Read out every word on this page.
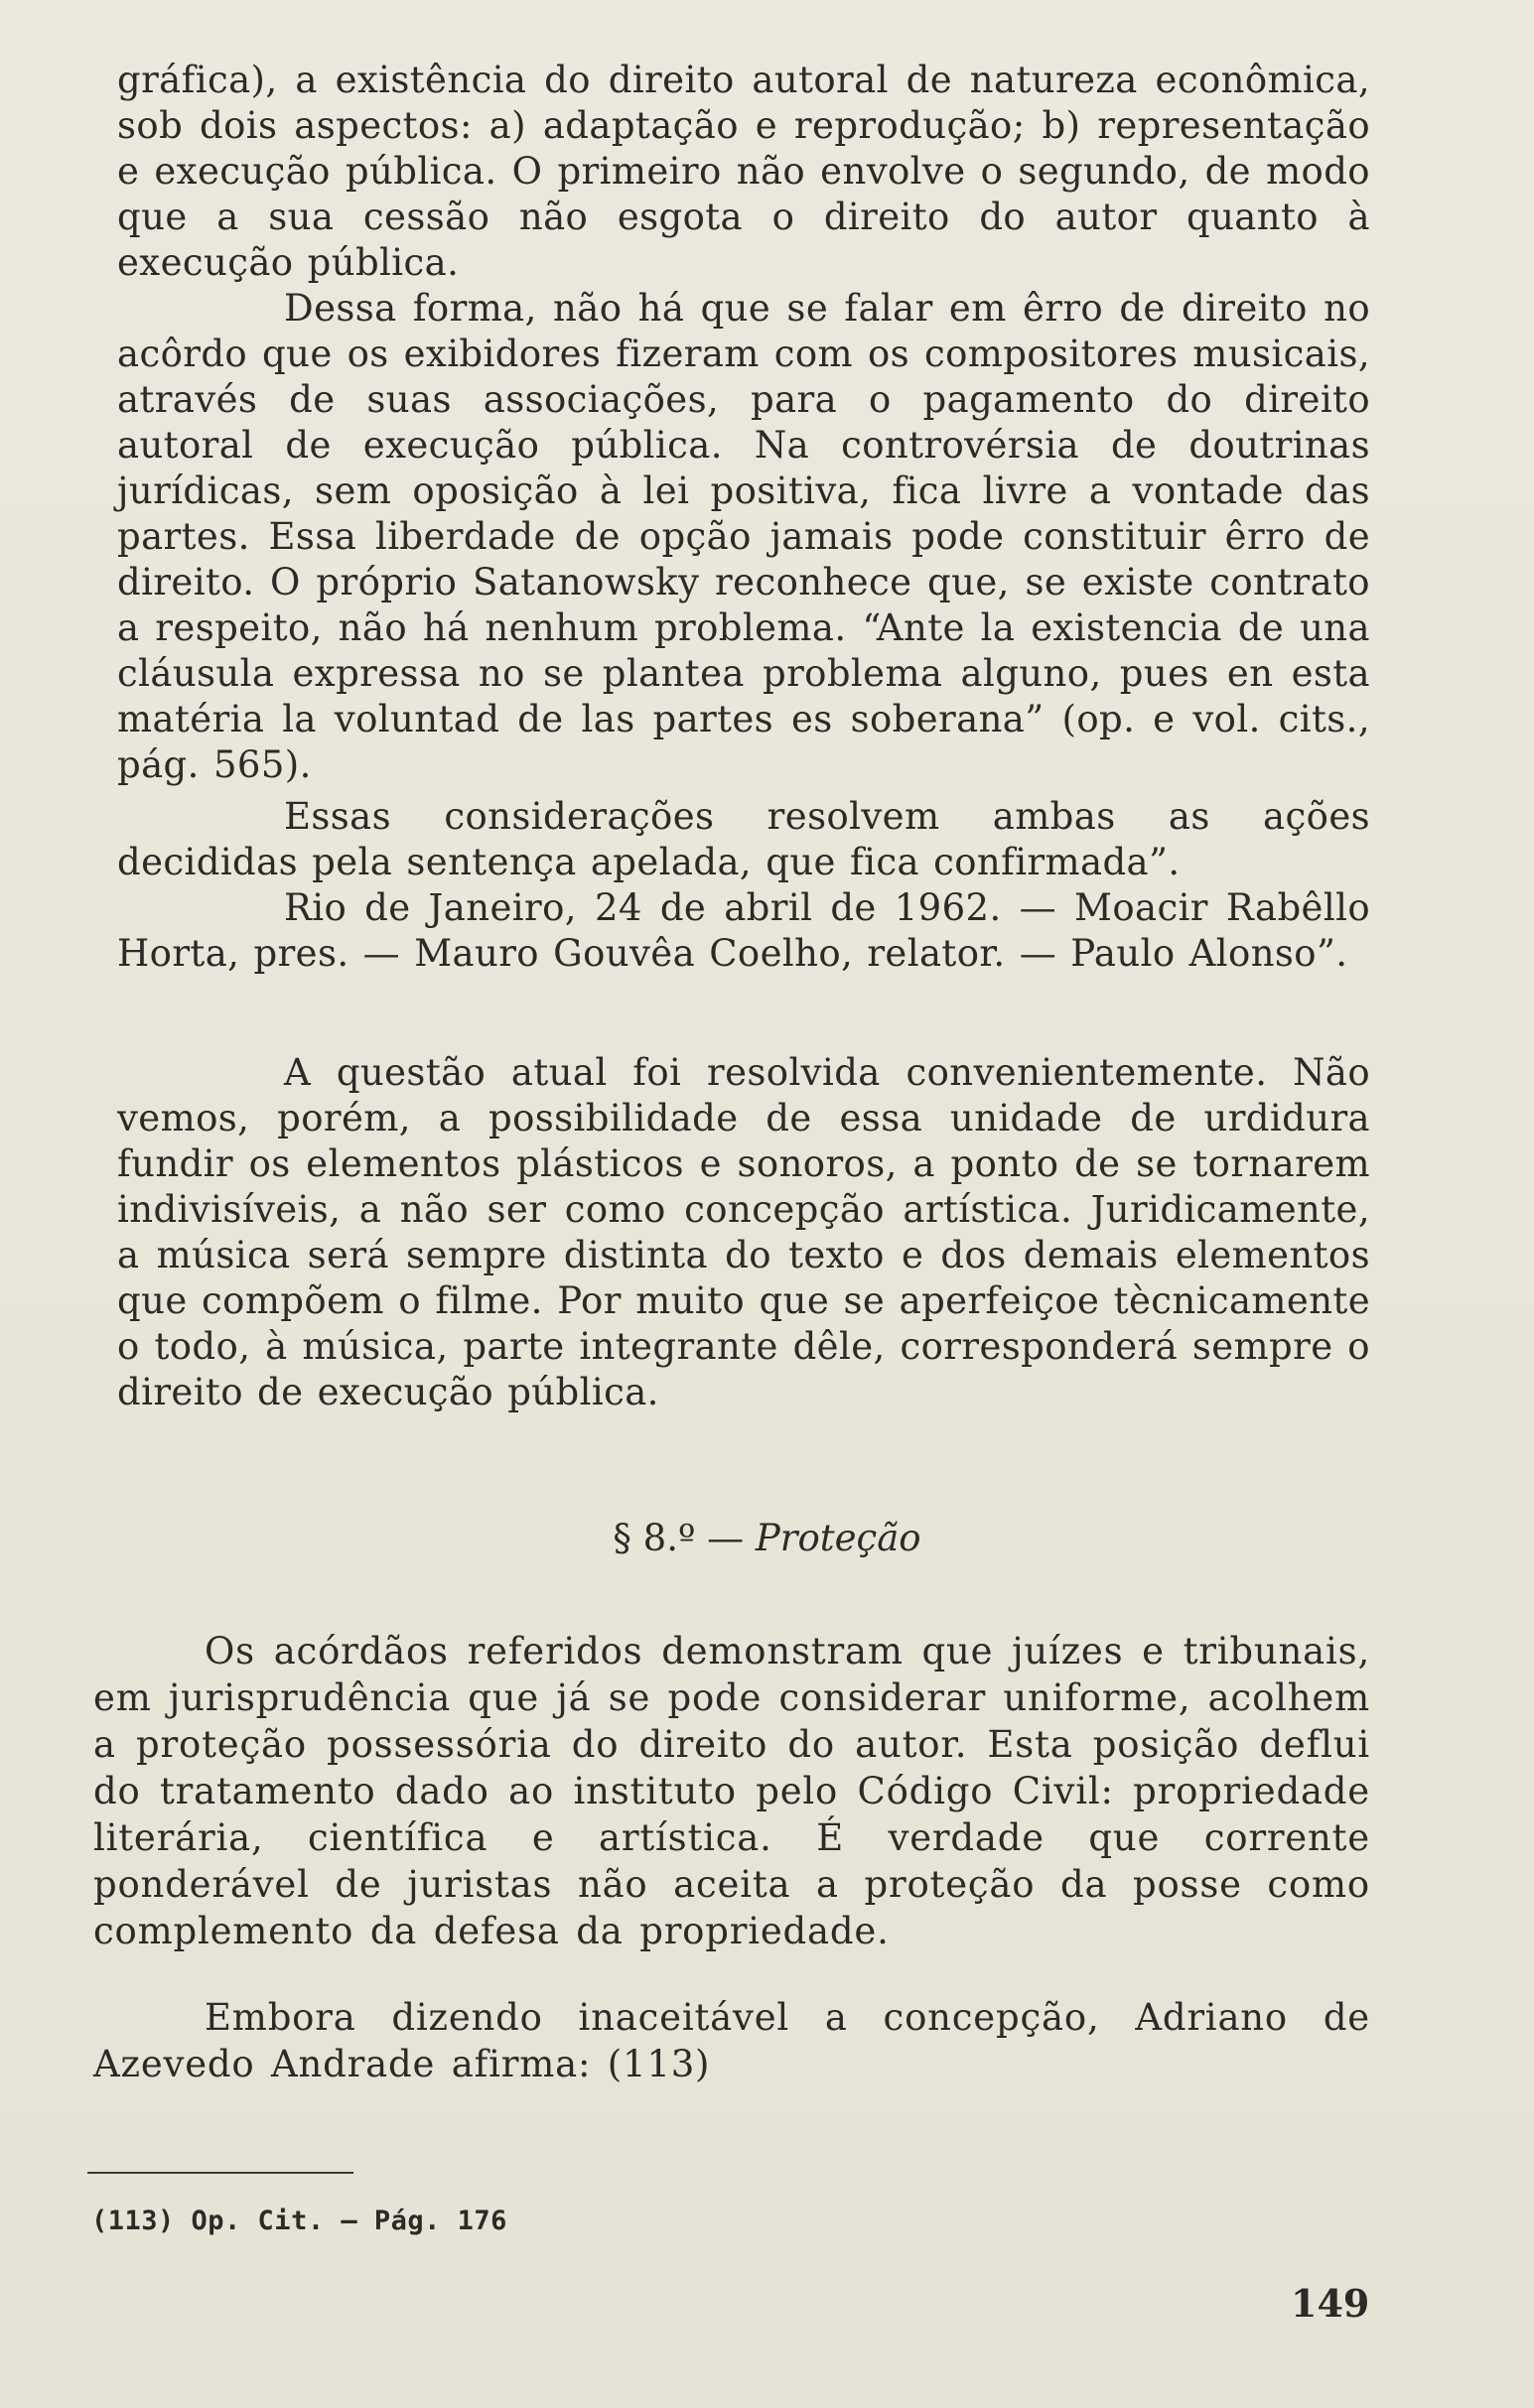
gráfica), a existência do direito autoral de natureza econômica, sob dois aspectos: a) adaptação e reprodução; b) representação e execução pública. O primeiro não envolve o segundo, de modo que a sua cessão não esgota o direito do autor quanto à execução pública.

Dessa forma, não há que se falar em êrro de direito no acôrdo que os exibidores fizeram com os compositores musicais, através de suas associações, para o pagamento do direito autoral de execução pública. Na controvérsia de doutrinas jurídicas, sem oposição à lei positiva, fica livre a vontade das partes. Essa liberdade de opção jamais pode constituir êrro de direito. O próprio Satanowsky reconhece que, se existe contrato a respeito, não há nenhum problema. “Ante la existencia de una cláusula expressa no se plantea problema alguno, pues en esta matéria la voluntad de las partes es soberana” (op. e vol. cits., pág. 565).

Essas considerações resolvem ambas as ações decididas pela sentença apelada, que fica confirmada”.

Rio de Janeiro, 24 de abril de 1962. — Moacir Rabêllo Horta, pres. — Mauro Gouvêa Coelho, relator. — Paulo Alonso”.

A questão atual foi resolvida convenientemente. Não vemos, porém, a possibilidade de essa unidade de urdidura fundir os elementos plásticos e sonoros, a ponto de se tornarem indivisíveis, a não ser como concepção artística. Juridicamente, a música será sempre distinta do texto e dos demais elementos que compõem o filme. Por muito que se aperfeiçoe tècnicamente o todo, à música, parte integrante dêle, corresponderá sempre o direito de execução pública.

§ 8.º — Proteção

Os acórdãos referidos demonstram que juízes e tribunais, em jurisprudência que já se pode considerar uniforme, acolhem a proteção possessória do direito do autor. Esta posição deflui do tratamento dado ao instituto pelo Código Civil: propriedade literária, científica e artística. É verdade que corrente ponderável de juristas não aceita a proteção da posse como complemento da defesa da propriedade.

Embora dizendo inaceitável a concepção, Adriano de Azevedo Andrade afirma: (113)

(113) Op. Cit. — Pág. 176
149
